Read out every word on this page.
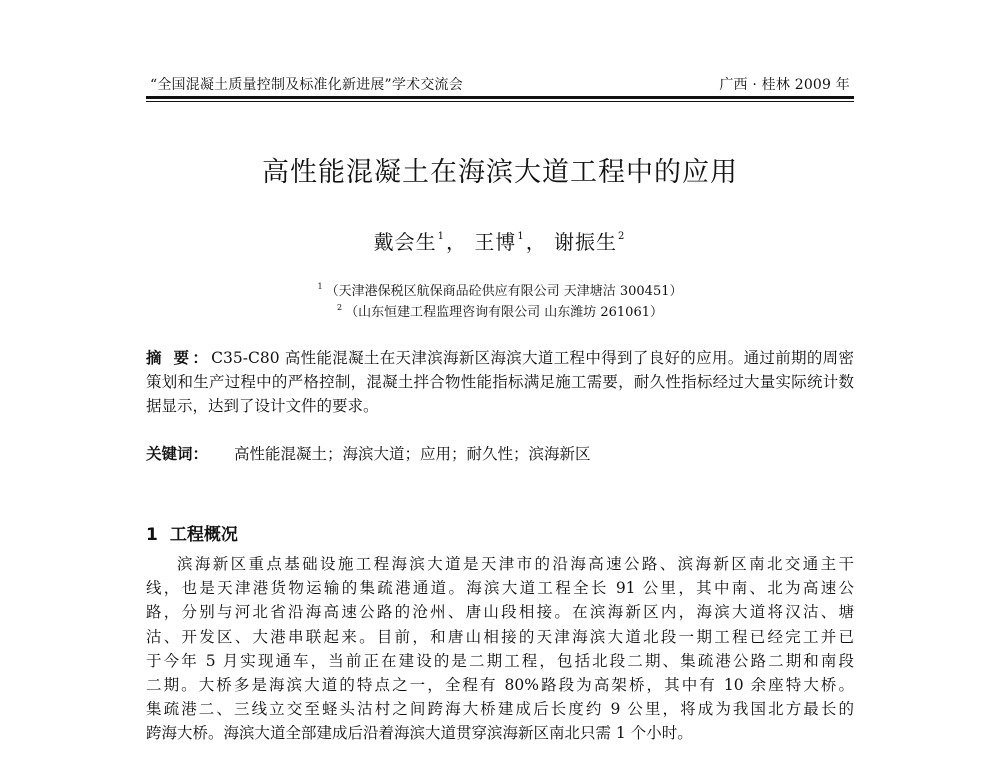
“全国混凝土质量控制及标准化新进展”学术交流会	广西 · 桂林 2009 年
高性能混凝土在海滨大道工程中的应用
戴会生$^1$， 王博$^1$， 谢振生$^2$
$^1$ （天津港保税区航保商品砼供应有限公司 天津塘沽 300451）
$^2$ （山东恒建工程监理咨询有限公司 山东潍坊 261061）
摘 要：C35-C80 高性能混凝土在天津滨海新区海滨大道工程中得到了良好的应用。通过前期的周密策划和生产过程中的严格控制，混凝土拌合物性能指标满足施工需要，耐久性指标经过大量实际统计数据显示，达到了设计文件的要求。
关键词： 高性能混凝土；海滨大道；应用；耐久性；滨海新区
1 工程概况
滨海新区重点基础设施工程海滨大道是天津市的沿海高速公路、滨海新区南北交通主干
线，也是天津港货物运输的集疏港通道。海滨大道工程全长 91 公里，其中南、北为高速公
路，分别与河北省沿海高速公路的沧州、唐山段相接。在滨海新区内，海滨大道将汉沽、塘
沽、开发区、大港串联起来。目前，和唐山相接的天津海滨大道北段一期工程已经完工并已
于今年 5 月实现通车，当前正在建设的是二期工程，包括北段二期、集疏港公路二期和南段
二期。大桥多是海滨大道的特点之一，全程有 80%路段为高架桥，其中有 10 余座特大桥。
集疏港二、三线立交至蛏头沽村之间跨海大桥建成后长度约 9 公里，将成为我国北方最长的
跨海大桥。海滨大道全部建成后沿着海滨大道贯穿滨海新区南北只需 1 个小时。
